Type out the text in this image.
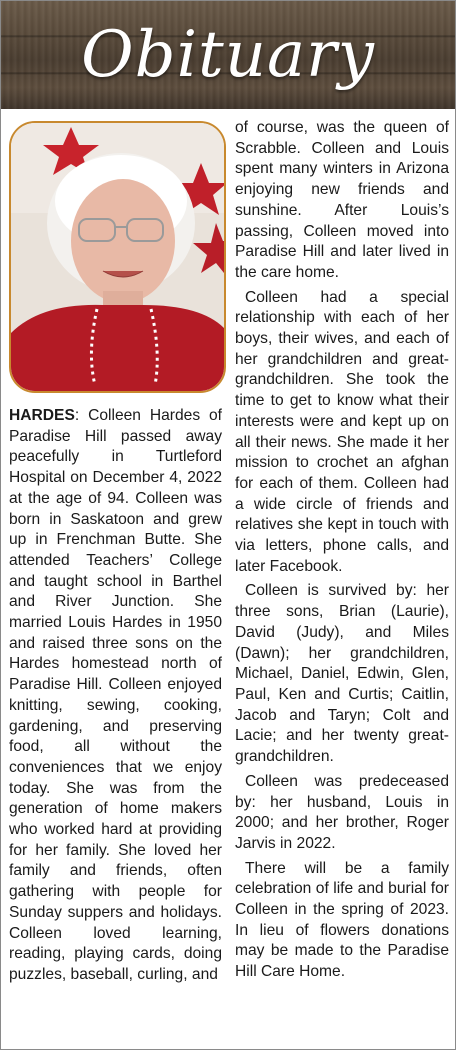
Obituary

HARDES: Colleen Hardes of Paradise Hill passed away peacefully in Turtleford Hospital on December 4, 2022 at the age of 94. Colleen was born in Saskatoon and grew up in Frenchman Butte. She attended Teachers’ College and taught school in Barthel and River Junction. She married Louis Hardes in 1950 and raised three sons on the Hardes homestead north of Paradise Hill. Colleen enjoyed knitting, sewing, cooking, gardening, and preserving food, all without the conveniences that we enjoy today. She was from the generation of home makers who worked hard at providing for her family. She loved her family and friends, often gathering with people for Sunday suppers and holidays. Colleen loved learning, reading, playing cards, doing puzzles, baseball, curling, and

of course, was the queen of Scrabble. Colleen and Louis spent many winters in Arizona enjoying new friends and sunshine. After Louis’s passing, Colleen moved into Paradise Hill and later lived in the care home.

Colleen had a special relationship with each of her boys, their wives, and each of her grandchildren and great-grandchildren. She took the time to get to know what their interests were and kept up on all their news. She made it her mission to crochet an afghan for each of them. Colleen had a wide circle of friends and relatives she kept in touch with via letters, phone calls, and later Facebook.

Colleen is survived by: her three sons, Brian (Laurie), David (Judy), and Miles (Dawn); her grandchildren, Michael, Daniel, Edwin, Glen, Paul, Ken and Curtis; Caitlin, Jacob and Taryn; Colt and Lacie; and her twenty great-grandchildren.

Colleen was predeceased by: her husband, Louis in 2000; and her brother, Roger Jarvis in 2022.

There will be a family celebration of life and burial for Colleen in the spring of 2023. In lieu of flowers donations may be made to the Paradise Hill Care Home.
